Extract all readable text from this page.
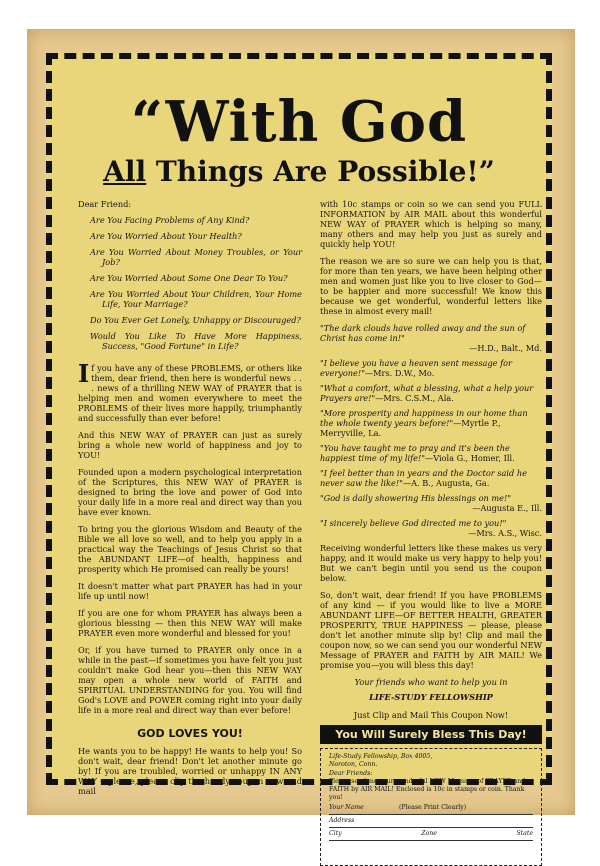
“With God
All Things Are Possible!”

Dear Friend:

Are You Facing Problems of Any Kind?

Are You Worried About Your Health?

Are You Worried About Money Troubles, or Your Job?

Are You Worried About Some One Dear To You?

Are You Worried About Your Children, Your Home Life, Your Marriage?

Do You Ever Get Lonely, Unhappy or Discouraged?

Would You Like To Have More Happiness, Success, "Good Fortune" in Life?

If you have any of these PROBLEMS, or others like them, dear friend, then here is wonderful news . . . news of a thrilling NEW WAY of PRAYER that is helping men and women everywhere to meet the PROBLEMS of their lives more happily, triumphantly and successfully than ever before!

And this NEW WAY of PRAYER can just as surely bring a whole new world of happiness and joy to YOU!

Founded upon a modern psychological interpretation of the Scriptures, this NEW WAY of PRAYER is designed to bring the love and power of God into your daily life in a more real and direct way than you have ever known.

To bring you the glorious Wisdom and Beauty of the Bible we all love so well, and to help you apply in a practical way the Teachings of Jesus Christ so that the ABUNDANT LIFE—of health, happiness and prosperity which He promised can really be yours!

It doesn't matter what part PRAYER has had in your life up until now!

If you are one for whom PRAYER has always been a glorious blessing — then this NEW WAY will make PRAYER even more wonderful and blessed for you!

Or, if you have turned to PRAYER only once in a while in the past—if sometimes you have felt you just couldn't make God hear you—then this NEW WAY may open a whole new world of FAITH and SPIRITUAL UNDERSTANDING for you. You will find God's LOVE and POWER coming right into your daily life in a more real and direct way than ever before!

GOD LOVES YOU!

He wants you to be happy! He wants to help you! So don't wait, dear friend! Don't let another minute go by! If you are troubled, worried or unhappy IN ANY WAY —please, please clip the handy coupon now and mail

with 10c stamps or coin so we can send you FULL INFORMATION by AIR MAIL about this wonderful NEW WAY of PRAYER which is helping so many, many others and may help you just as surely and quickly help YOU!

The reason we are so sure we can help you is that, for more than ten years, we have been helping other men and women just like you to live closer to God—to be happier and more successful! We know this because we get wonderful, wonderful letters like these in almost every mail!

"The dark clouds have rolled away and the sun of Christ has come in!"
—H.D., Balt., Md.
"I believe you have a heaven sent message for everyone!"—Mrs. D.W., Mo.
"What a comfort, what a blessing, what a help your Prayers are!"—Mrs. C.S.M., Ala.
"More prosperity and happiness in our home than the whole twenty years before!"—Myrtle P., Merryville, La.
"You have taught me to pray and it's been the happiest time of my life!"—Viola G., Homer, Ill.
"I feel better than in years and the Doctor said he never saw the like!"—A. B., Augusta, Ga.
"God is daily showering His blessings on me!"
—Augusta E., Ill.
"I sincerely believe God directed me to you!"
—Mrs. A.S., Wisc.

Receiving wonderful letters like these makes us very happy, and it would make us very happy to help you! But we can't begin until you send us the coupon below.

So, don't wait, dear friend! If you have PROBLEMS of any kind — if you would like to live a MORE ABUNDANT LIFE—OF BETTER HEALTH, GREATER PROSPERITY, TRUE HAPPINESS — please, please don't let another minute slip by! Clip and mail the coupon now, so we can send you our wonderful NEW Message of PRAYER and FAITH by AIR MAIL! We promise you—you will bless this day!

Your friends who want to help you in
LIFE-STUDY FELLOWSHIP
Just Clip and Mail This Coupon Now!
You Will Surely Bless This Day!
Life-Study Fellowship, Box 4005,
Noroton, Conn.
Dear Friends:
Please send me your wonderful NEW Message of PRAYER and FAITH by AIR MAIL! Enclosed is 10c in stamps or coin. Thank you!
Your Name	(Please Print Clearly)
Address
City	Zone	State
